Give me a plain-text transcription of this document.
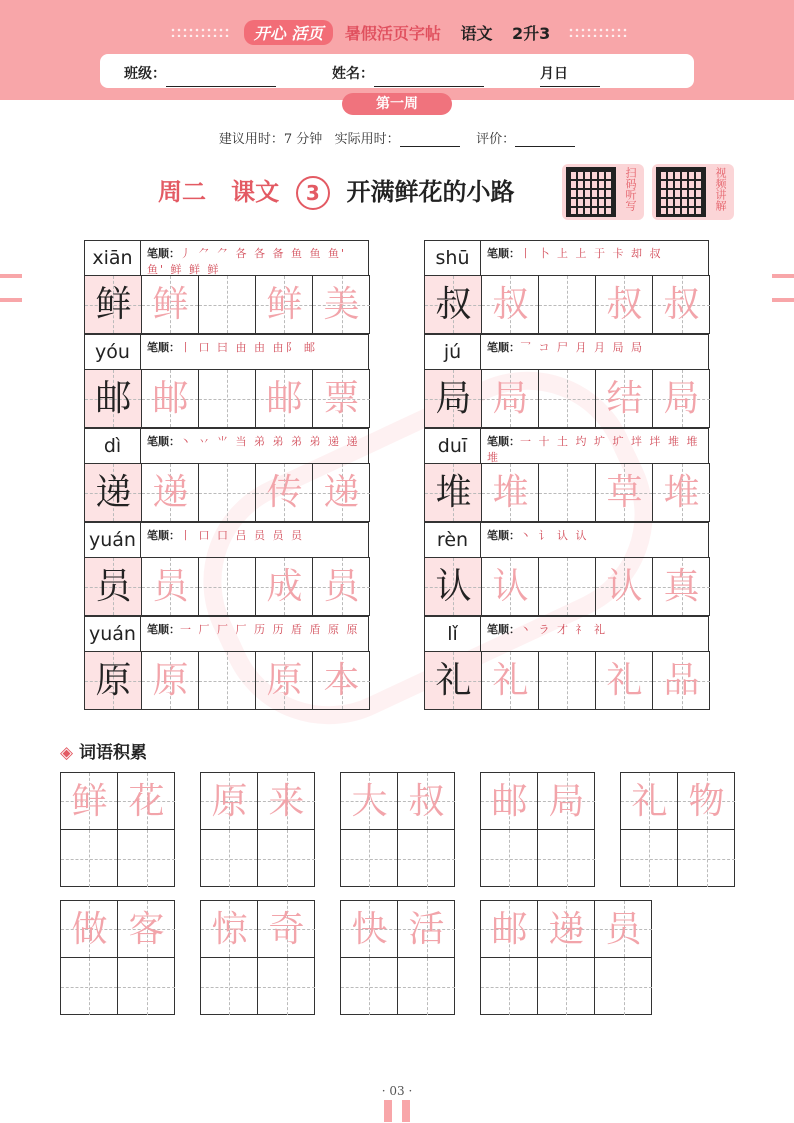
开心 活页 暑假活页字帖 语文 2升3
班级：	姓名：	月
日
第一周
建议用时：7 分钟 实际用时：	评价：
周二 课文 3 开满鲜花的小路	扫码听写	视频讲解
xiān	笔顺：丿 ⺈ ⺈ 各 各 备 鱼 鱼 鱼' 鱼' 鲜 鲜 鲜
鲜 鲜 鲜 美
yóu	笔顺：丨 口 曰 由 由 由阝 邮
邮 邮 邮 票
dì	笔顺：丶 丷 ⺌ 当 弟 弟 弟 弟 递 递
递 递 传 递
yuán	笔顺：丨 口 口 吕 员 员 员
员 员 成 员
yuán	笔顺：一 厂 厂 厂 历 历 盾 盾 原 原
原 原 原 本
shū	笔顺：丨 卜 上 上 于 卡 却 叔
叔 叔 叔 叔
jú	笔顺：乛 コ 尸 月 月 局 局
局 局 结 局
duī	笔顺：一 十 土 圴 圹 圹 坢 坢 堆 堆 堆
堆 堆 草 堆
rèn	笔顺：丶 讠 认 认
认 认 认 真
lǐ	笔顺：丶 ラ 才 礻 礼
礼 礼 礼 品
◈ 词语积累
鲜 花 原 来 大 叔 邮 局 礼 物
做 客 惊 奇 快 活 邮 递 员
· 03 ·
